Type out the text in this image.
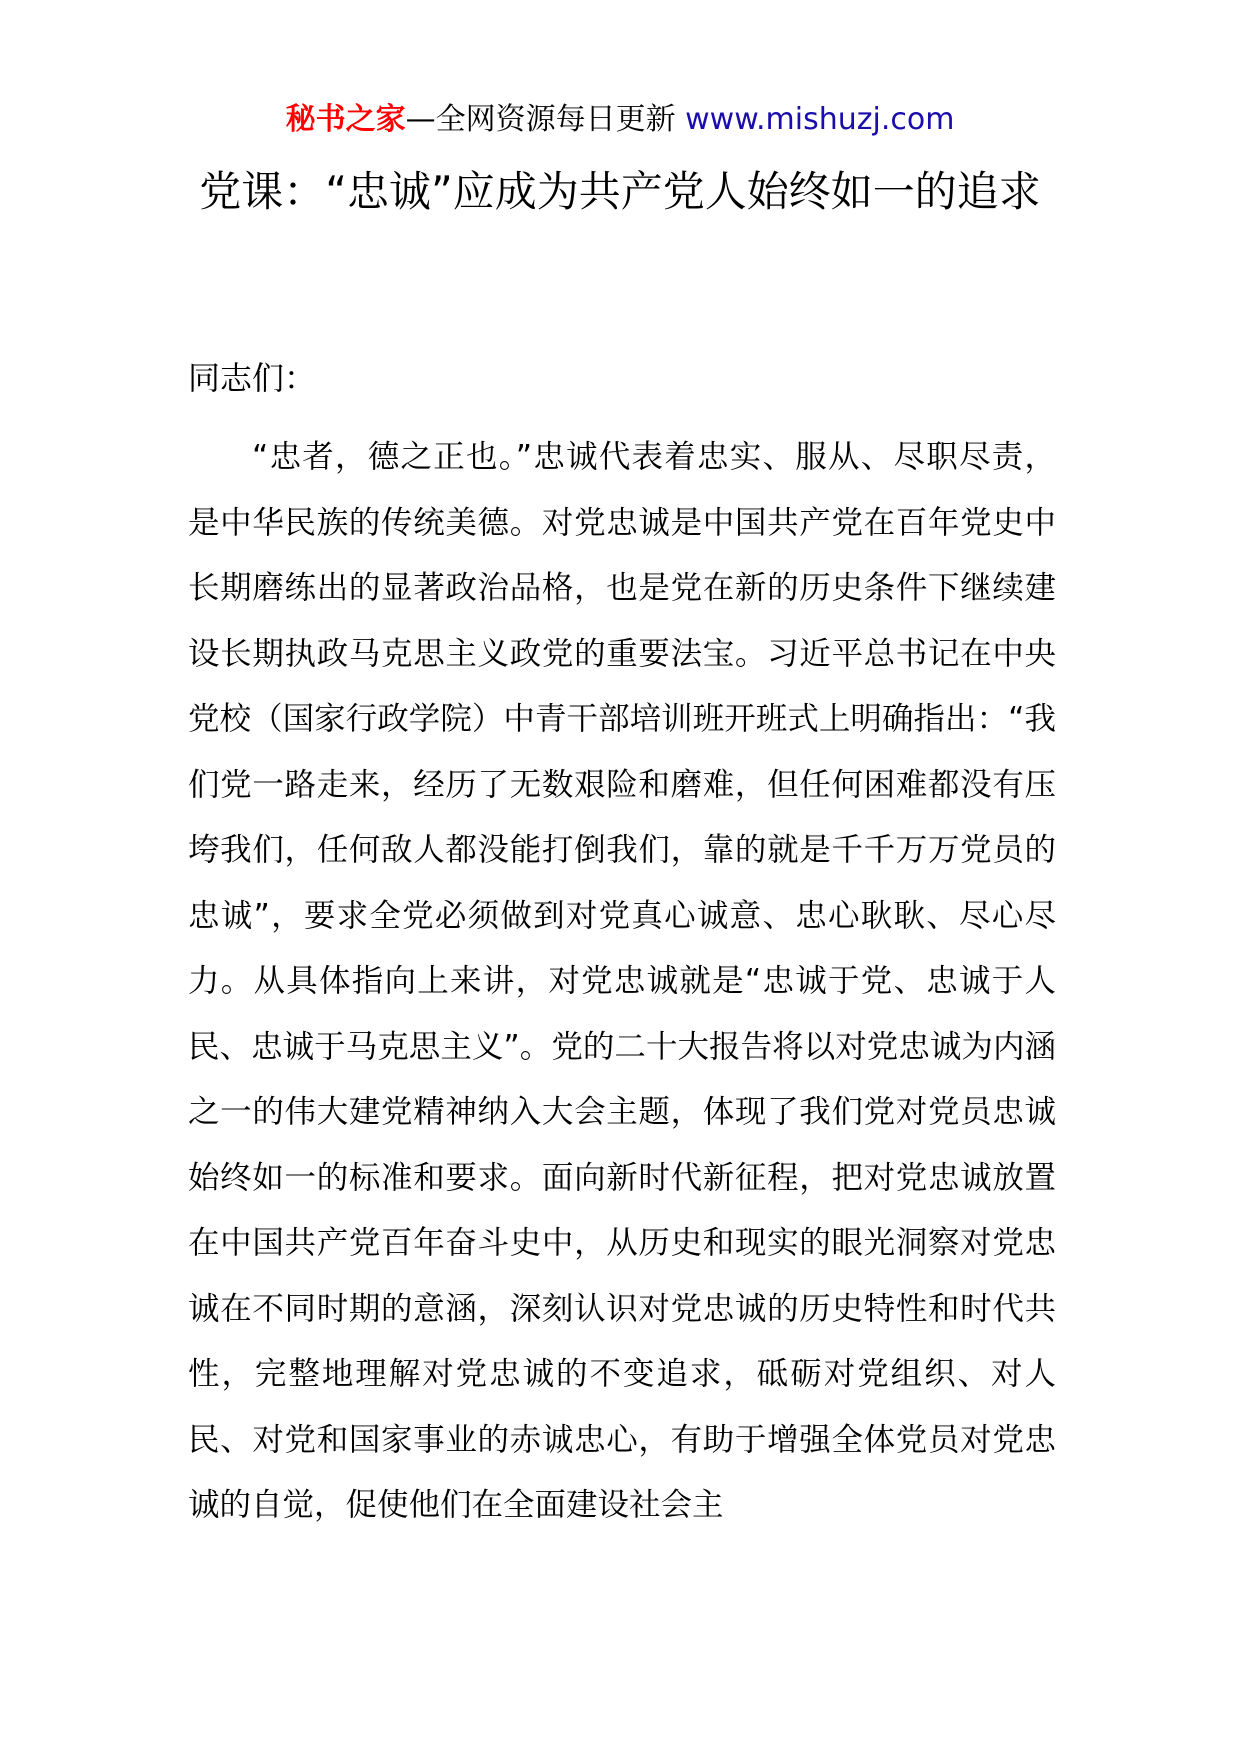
秘书之家—全网资源每日更新 www.mishuzj.com
党课：“忠诚”应成为共产党人始终如一的追求

同志们：

“忠者，德之正也。”忠诚代表着忠实、服从、尽职尽责，是中华民族的传统美德。对党忠诚是中国共产党在百年党史中长期磨练出的显著政治品格，也是党在新的历史条件下继续建设长期执政马克思主义政党的重要法宝。习近平总书记在中央党校（国家行政学院）中青干部培训班开班式上明确指出：“我们党一路走来，经历了无数艰险和磨难，但任何困难都没有压垮我们，任何敌人都没能打倒我们，靠的就是千千万万党员的忠诚”，要求全党必须做到对党真心诚意、忠心耿耿、尽心尽力。从具体指向上来讲，对党忠诚就是“忠诚于党、忠诚于人民、忠诚于马克思主义”。党的二十大报告将以对党忠诚为内涵之一的伟大建党精神纳入大会主题，体现了我们党对党员忠诚始终如一的标准和要求。面向新时代新征程，把对党忠诚放置在中国共产党百年奋斗史中，从历史和现实的眼光洞察对党忠诚在不同时期的意涵，深刻认识对党忠诚的历史特性和时代共性，完整地理解对党忠诚的不变追求，砥砺对党组织、对人民、对党和国家事业的赤诚忠心，有助于增强全体党员对党忠诚的自觉，促使他们在全面建设社会主
